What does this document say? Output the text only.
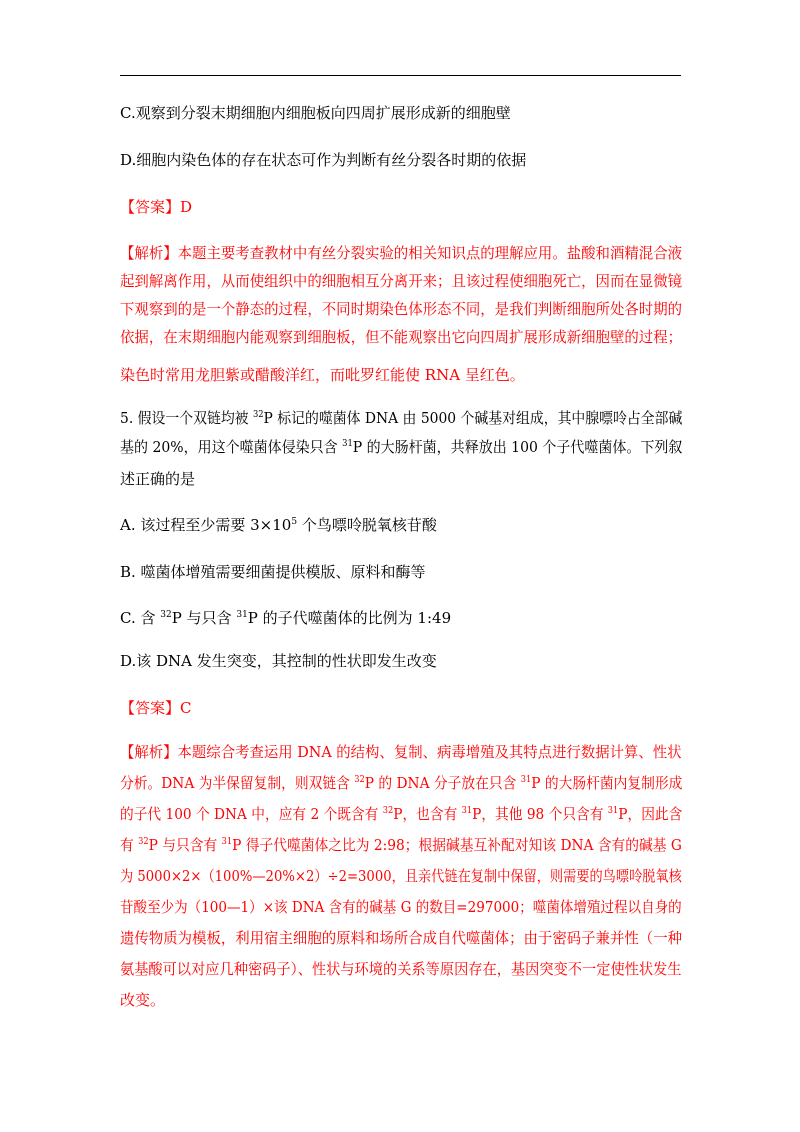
C.观察到分裂末期细胞内细胞板向四周扩展形成新的细胞壁
D.细胞内染色体的存在状态可作为判断有丝分裂各时期的依据
【答案】D
【解析】本题主要考查教材中有丝分裂实验的相关知识点的理解应用。盐酸和酒精混合液
起到解离作用，从而使组织中的细胞相互分离开来；且该过程使细胞死亡，因而在显微镜
下观察到的是一个静态的过程，不同时期染色体形态不同，是我们判断细胞所处各时期的
依据，在末期细胞内能观察到细胞板，但不能观察出它向四周扩展形成新细胞壁的过程；
染色时常用龙胆紫或醋酸洋红，而吡罗红能使 RNA 呈红色。
5. 假设一个双链均被 $^{32}$P 标记的噬菌体 DNA 由 5000 个碱基对组成，其中腺嘌呤占全部碱
基的 20%，用这个噬菌体侵染只含 $^{31}$P 的大肠杆菌，共释放出 100 个子代噬菌体。下列叙
述正确的是
A. 该过程至少需要 $3\times 10^5$ 个鸟嘌呤脱氧核苷酸
B. 噬菌体增殖需要细菌提供模版、原料和酶等
C. 含 $^{32}$P 与只含 $^{31}$P 的子代噬菌体的比例为 1:49
D.该 DNA 发生突变，其控制的性状即发生改变
【答案】C
【解析】本题综合考查运用 DNA 的结构、复制、病毒增殖及其特点进行数据计算、性状
分析。DNA 为半保留复制，则双链含 $^{32}$P 的 DNA 分子放在只含 $^{31}$P 的大肠杆菌内复制形成
的子代 100 个 DNA 中，应有 2 个既含有 $^{32}$P，也含有 $^{31}$P，其他 98 个只含有 $^{31}$P，因此含
有 $^{32}$P 与只含有 $^{31}$P 得子代噬菌体之比为 2:98；根据碱基互补配对知该 DNA 含有的碱基 G
为 5000×2×（100%—20%×2）÷2=3000，且亲代链在复制中保留，则需要的鸟嘌呤脱氧核
苷酸至少为（100—1）×该 DNA 含有的碱基 G 的数目=297000；噬菌体增殖过程以自身的
遗传物质为模板，利用宿主细胞的原料和场所合成自代噬菌体；由于密码子兼并性（一种
氨基酸可以对应几种密码子）、性状与环境的关系等原因存在，基因突变不一定使性状发生
改变。
